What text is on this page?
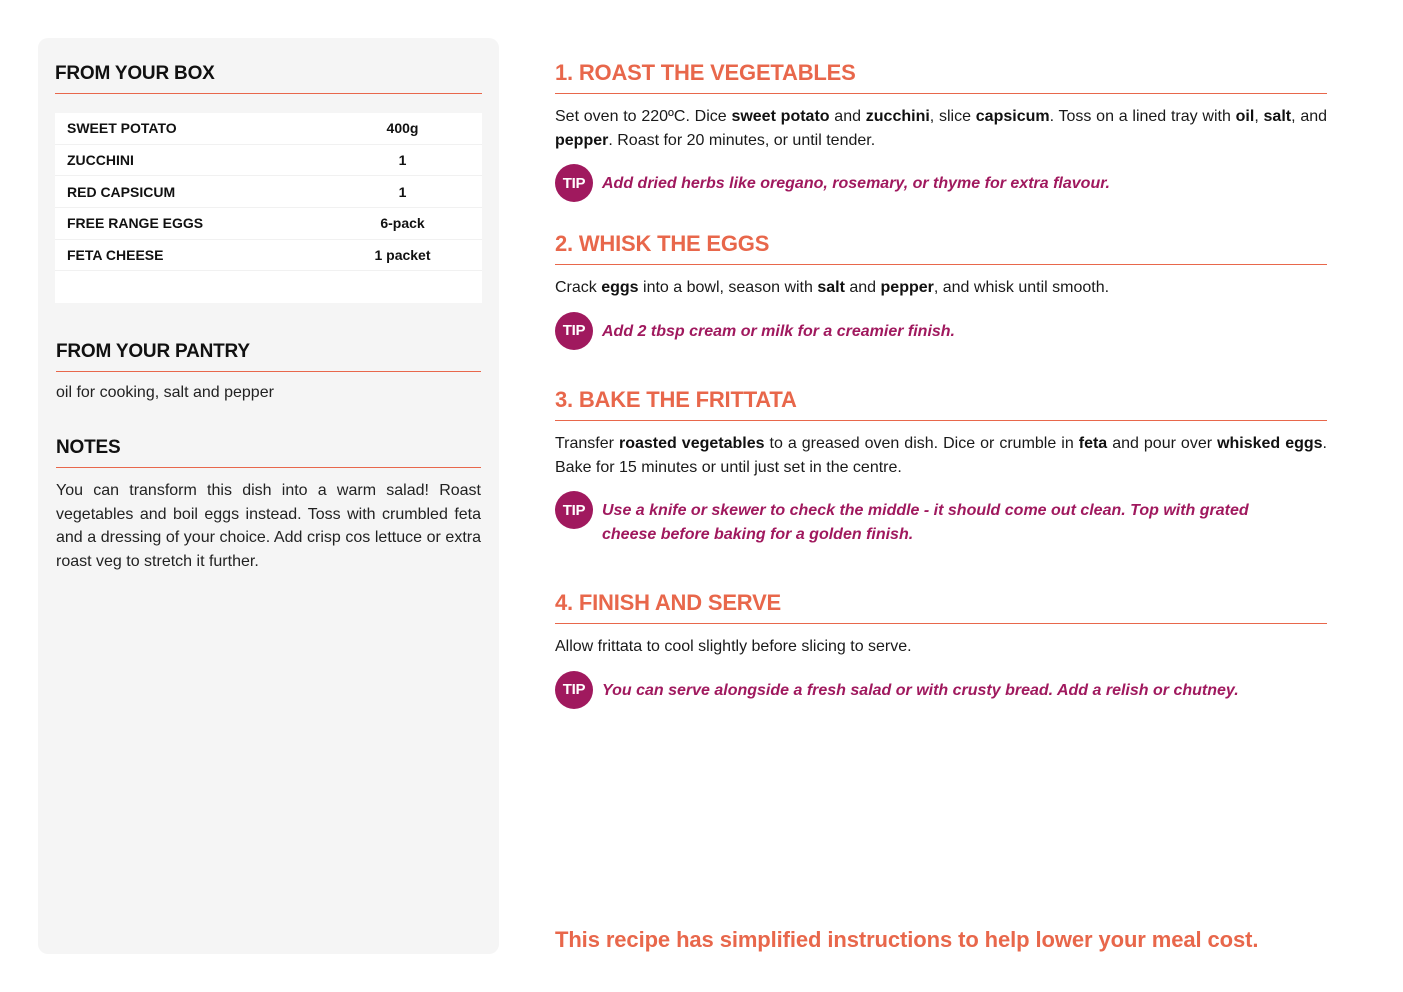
FROM YOUR BOX
SWEET POTATO	400g
ZUCCHINI	1
RED CAPSICUM	1
FREE RANGE EGGS	6-pack
FETA CHEESE	1 packet
FROM YOUR PANTRY
oil for cooking, salt and pepper
NOTES
You can transform this dish into a warm salad! Roast vegetables and boil eggs instead. Toss with crumbled feta and a dressing of your choice. Add crisp cos lettuce or extra roast veg to stretch it further.
1. ROAST THE VEGETABLES
Set oven to 220ºC. Dice sweet potato and zucchini, slice capsicum. Toss on a lined tray with oil, salt, and pepper. Roast for 20 minutes, or until tender.
TIP	Add dried herbs like oregano, rosemary, or thyme for extra flavour.
2. WHISK THE EGGS
Crack eggs into a bowl, season with salt and pepper, and whisk until smooth.
TIP	Add 2 tbsp cream or milk for a creamier finish.
3. BAKE THE FRITTATA
Transfer roasted vegetables to a greased oven dish. Dice or crumble in feta and pour over whisked eggs. Bake for 15 minutes or until just set in the centre.
TIP	Use a knife or skewer to check the middle - it should come out clean. Top with grated cheese before baking for a golden finish.
4. FINISH AND SERVE
Allow frittata to cool slightly before slicing to serve.
TIP	You can serve alongside a fresh salad or with crusty bread. Add a relish or chutney.
This recipe has simplified instructions to help lower your meal cost.
